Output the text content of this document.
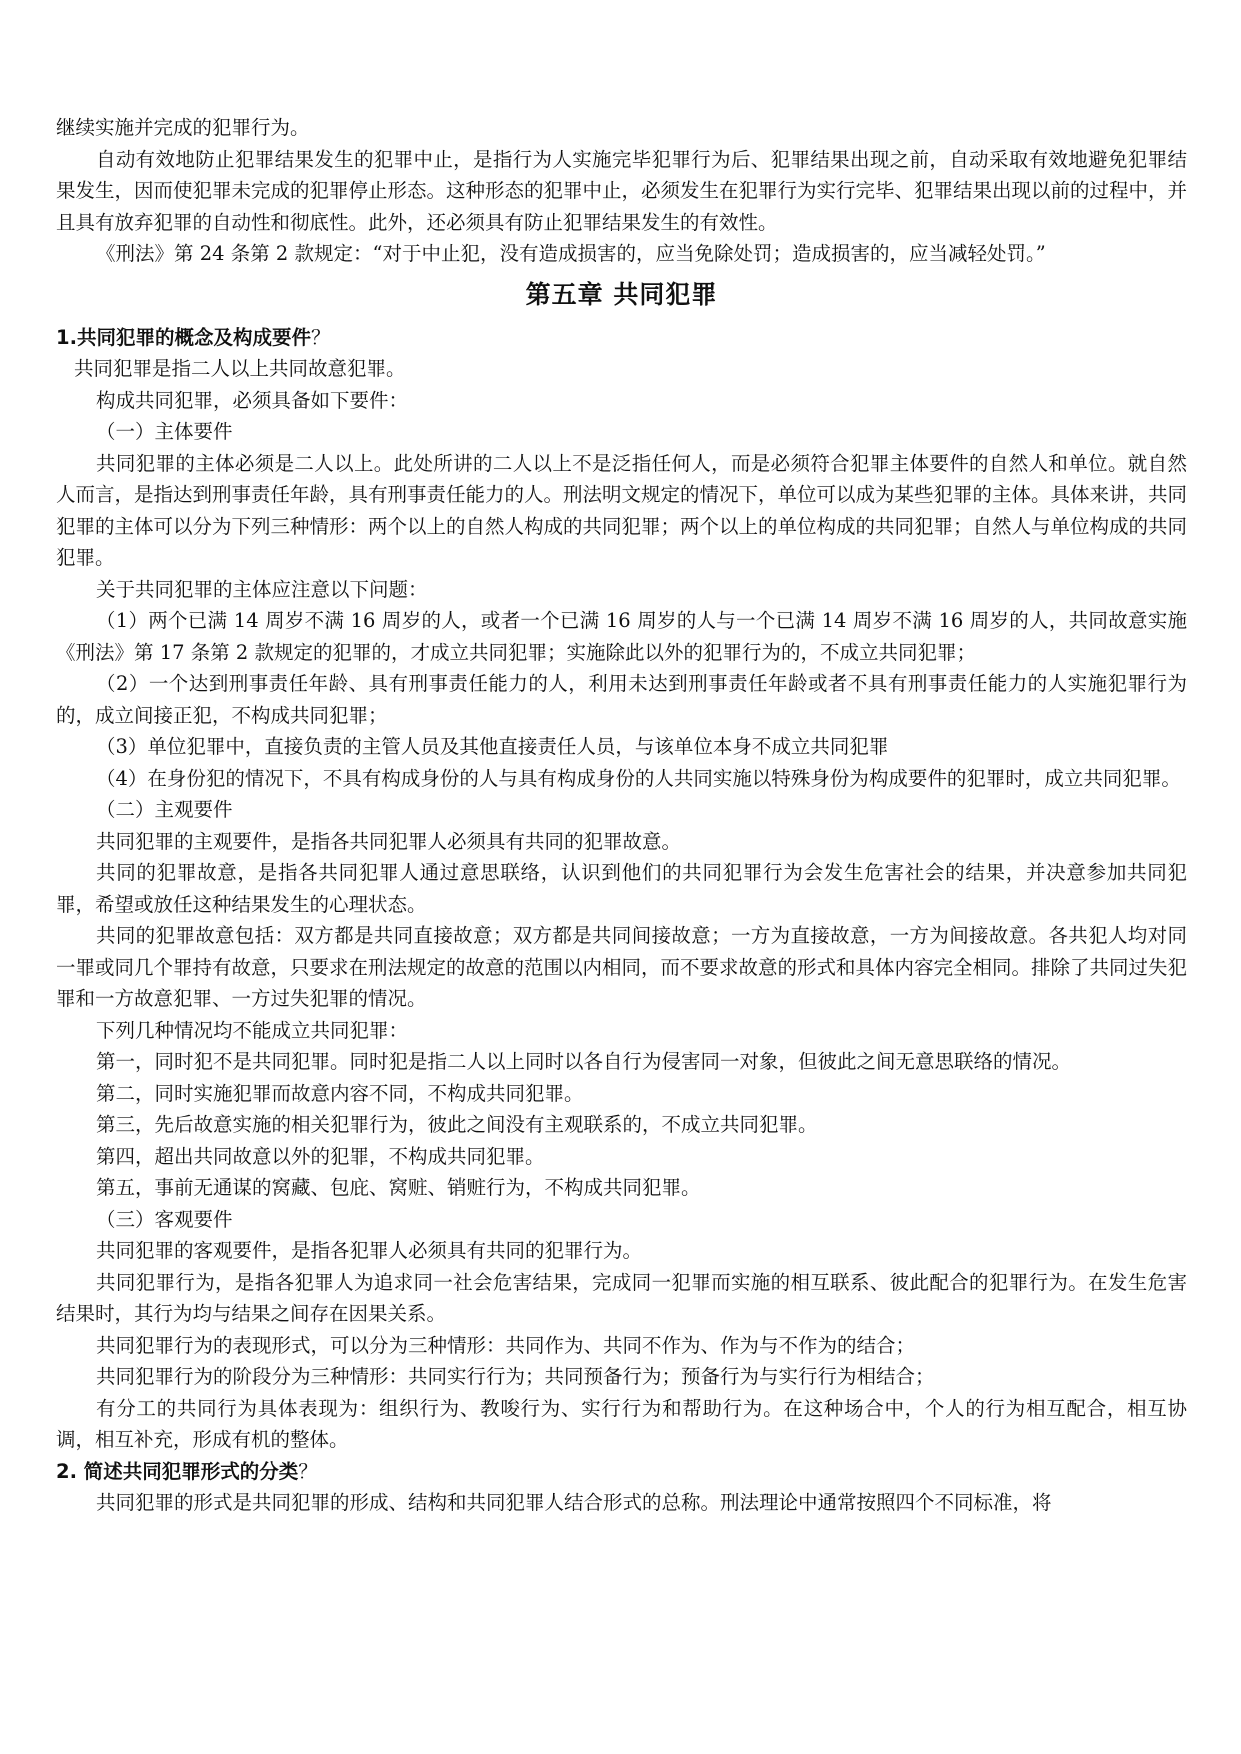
继续实施并完成的犯罪行为。

自动有效地防止犯罪结果发生的犯罪中止，是指行为人实施完毕犯罪行为后、犯罪结果出现之前，自动采取有效地避免犯罪结果发生，因而使犯罪未完成的犯罪停止形态。这种形态的犯罪中止，必须发生在犯罪行为实行完毕、犯罪结果出现以前的过程中，并且具有放弃犯罪的自动性和彻底性。此外，还必须具有防止犯罪结果发生的有效性。

《刑法》第 24 条第 2 款规定：“对于中止犯，没有造成损害的，应当免除处罚；造成损害的，应当减轻处罚。”

第五章 共同犯罪
1.共同犯罪的概念及构成要件？

共同犯罪是指二人以上共同故意犯罪。

构成共同犯罪，必须具备如下要件：

（一）主体要件

共同犯罪的主体必须是二人以上。此处所讲的二人以上不是泛指任何人，而是必须符合犯罪主体要件的自然人和单位。就自然人而言，是指达到刑事责任年龄，具有刑事责任能力的人。刑法明文规定的情况下，单位可以成为某些犯罪的主体。具体来讲，共同犯罪的主体可以分为下列三种情形：两个以上的自然人构成的共同犯罪；两个以上的单位构成的共同犯罪；自然人与单位构成的共同犯罪。

关于共同犯罪的主体应注意以下问题：

（1）两个已满 14 周岁不满 16 周岁的人，或者一个已满 16 周岁的人与一个已满 14 周岁不满 16 周岁的人，共同故意实施《刑法》第 17 条第 2 款规定的犯罪的，才成立共同犯罪；实施除此以外的犯罪行为的，不成立共同犯罪；

（2）一个达到刑事责任年龄、具有刑事责任能力的人，利用未达到刑事责任年龄或者不具有刑事责任能力的人实施犯罪行为的，成立间接正犯，不构成共同犯罪；

（3）单位犯罪中，直接负责的主管人员及其他直接责任人员，与该单位本身不成立共同犯罪

（4）在身份犯的情况下，不具有构成身份的人与具有构成身份的人共同实施以特殊身份为构成要件的犯罪时，成立共同犯罪。

（二）主观要件

共同犯罪的主观要件，是指各共同犯罪人必须具有共同的犯罪故意。

共同的犯罪故意，是指各共同犯罪人通过意思联络，认识到他们的共同犯罪行为会发生危害社会的结果，并决意参加共同犯罪，希望或放任这种结果发生的心理状态。

共同的犯罪故意包括：双方都是共同直接故意；双方都是共同间接故意；一方为直接故意，一方为间接故意。各共犯人均对同一罪或同几个罪持有故意，只要求在刑法规定的故意的范围以内相同，而不要求故意的形式和具体内容完全相同。排除了共同过失犯罪和一方故意犯罪、一方过失犯罪的情况。

下列几种情况均不能成立共同犯罪：

第一，同时犯不是共同犯罪。同时犯是指二人以上同时以各自行为侵害同一对象，但彼此之间无意思联络的情况。

第二，同时实施犯罪而故意内容不同，不构成共同犯罪。

第三，先后故意实施的相关犯罪行为，彼此之间没有主观联系的，不成立共同犯罪。

第四，超出共同故意以外的犯罪，不构成共同犯罪。

第五，事前无通谋的窝藏、包庇、窝赃、销赃行为，不构成共同犯罪。

（三）客观要件

共同犯罪的客观要件，是指各犯罪人必须具有共同的犯罪行为。

共同犯罪行为，是指各犯罪人为追求同一社会危害结果，完成同一犯罪而实施的相互联系、彼此配合的犯罪行为。在发生危害结果时，其行为均与结果之间存在因果关系。

共同犯罪行为的表现形式，可以分为三种情形：共同作为、共同不作为、作为与不作为的结合；

共同犯罪行为的阶段分为三种情形：共同实行行为；共同预备行为；预备行为与实行行为相结合；

有分工的共同行为具体表现为：组织行为、教唆行为、实行行为和帮助行为。在这种场合中，个人的行为相互配合，相互协调，相互补充，形成有机的整体。

2. 简述共同犯罪形式的分类？

共同犯罪的形式是共同犯罪的形成、结构和共同犯罪人结合形式的总称。刑法理论中通常按照四个不同标准，将
